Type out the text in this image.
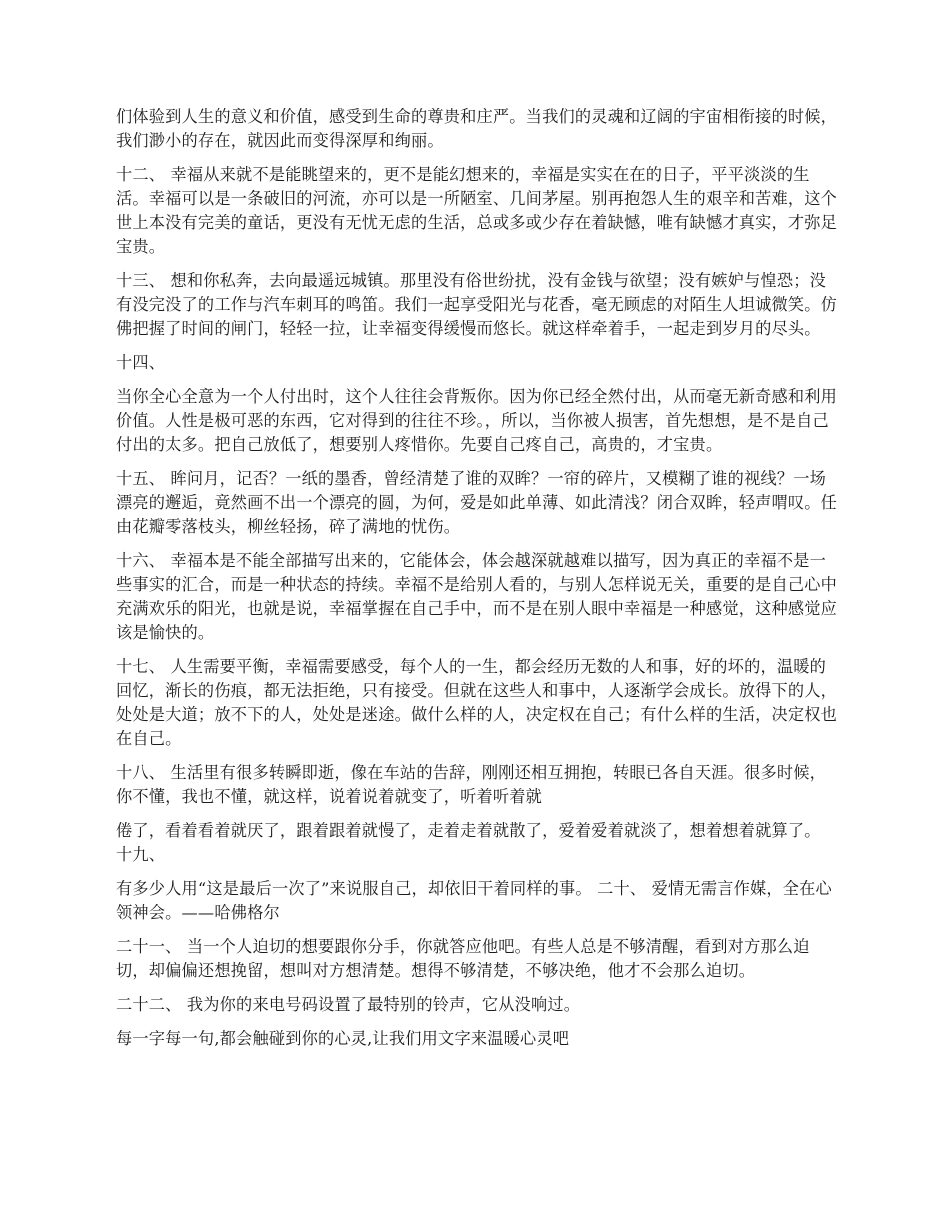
们体验到人生的意义和价值，感受到生命的尊贵和庄严。当我们的灵魂和辽阔的宇宙相衔接的时候，我们渺小的存在，就因此而变得深厚和绚丽。

十二、 幸福从来就不是能眺望来的，更不是能幻想来的，幸福是实实在在的日子，平平淡淡的生活。幸福可以是一条破旧的河流，亦可以是一所陋室、几间茅屋。别再抱怨人生的艰辛和苦难，这个世上本没有完美的童话，更没有无忧无虑的生活，总或多或少存在着缺憾，唯有缺憾才真实，才弥足宝贵。

十三、 想和你私奔，去向最遥远城镇。那里没有俗世纷扰，没有金钱与欲望；没有嫉妒与惶恐；没有没完没了的工作与汽车刺耳的鸣笛。我们一起享受阳光与花香，毫无顾虑的对陌生人坦诚微笑。仿佛把握了时间的闸门，轻轻一拉，让幸福变得缓慢而悠长。就这样牵着手，一起走到岁月的尽头。

十四、

当你全心全意为一个人付出时，这个人往往会背叛你。因为你已经全然付出，从而毫无新奇感和利用价值。人性是极可恶的东西，它对得到的往往不珍。，所以，当你被人损害，首先想想，是不是自己付出的太多。把自己放低了，想要别人疼惜你。先要自己疼自己，高贵的，才宝贵。

十五、 眸问月，记否？一纸的墨香，曾经清楚了谁的双眸？一帘的碎片，又模糊了谁的视线？一场漂亮的邂逅，竟然画不出一个漂亮的圆，为何，爱是如此单薄、如此清浅？闭合双眸，轻声喟叹。任由花瓣零落枝头，柳丝轻扬，碎了满地的忧伤。

十六、 幸福本是不能全部描写出来的，它能体会，体会越深就越难以描写，因为真正的幸福不是一些事实的汇合，而是一种状态的持续。幸福不是给别人看的，与别人怎样说无关，重要的是自己心中充满欢乐的阳光，也就是说，幸福掌握在自己手中，而不是在别人眼中幸福是一种感觉，这种感觉应该是愉快的。

十七、 人生需要平衡，幸福需要感受，每个人的一生，都会经历无数的人和事，好的坏的，温暖的回忆，渐长的伤痕，都无法拒绝，只有接受。但就在这些人和事中，人逐渐学会成长。放得下的人，处处是大道；放不下的人，处处是迷途。做什么样的人，决定权在自己；有什么样的生活，决定权也在自己。

十八、 生活里有很多转瞬即逝，像在车站的告辞，刚刚还相互拥抱，转眼已各自天涯。很多时候，你不懂，我也不懂，就这样，说着说着就变了，听着听着就

倦了，看着看着就厌了，跟着跟着就慢了，走着走着就散了，爱着爱着就淡了，想着想着就算了。 十九、

有多少人用“这是最后一次了”来说服自己，却依旧干着同样的事。 二十、 爱情无需言作媒，全在心领神会。——哈佛格尔

二十一、 当一个人迫切的想要跟你分手，你就答应他吧。有些人总是不够清醒，看到对方那么迫切，却偏偏还想挽留，想叫对方想清楚。想得不够清楚，不够决绝，他才不会那么迫切。

二十二、 我为你的来电号码设置了最特别的铃声，它从没响过。

每一字每一句,都会触碰到你的心灵,让我们用文字来温暖心灵吧
